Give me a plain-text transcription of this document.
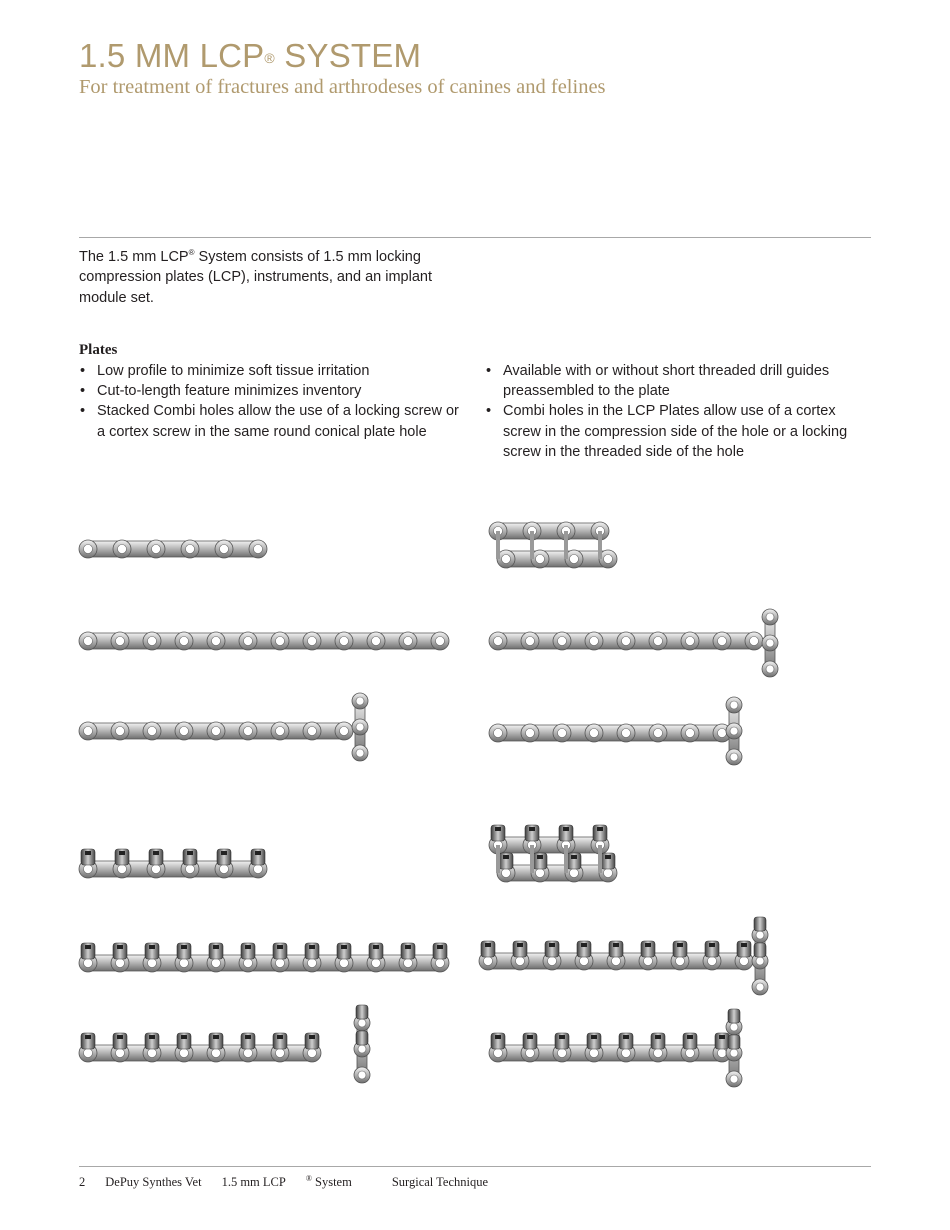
1.5 MM LCP® SYSTEM

For treatment of fractures and arthrodeses of canines and felines

The 1.5 mm LCP® System consists of 1.5 mm locking compression plates (LCP), instruments, and an implant module set.

Plates

• Low profile to minimize soft tissue irritation
• Cut-to-length feature minimizes inventory
• Stacked Combi holes allow the use of a locking screw or a cortex screw in the same round conical plate hole
• Available with or without short threaded drill guides preassembled to the plate
• Combi holes in the LCP Plates allow use of a cortex screw in the compression side of the hole or a locking screw in the threaded side of the hole
2 DePuy Synthes Vet 1.5 mm LCP	® System	Surgical Technique
